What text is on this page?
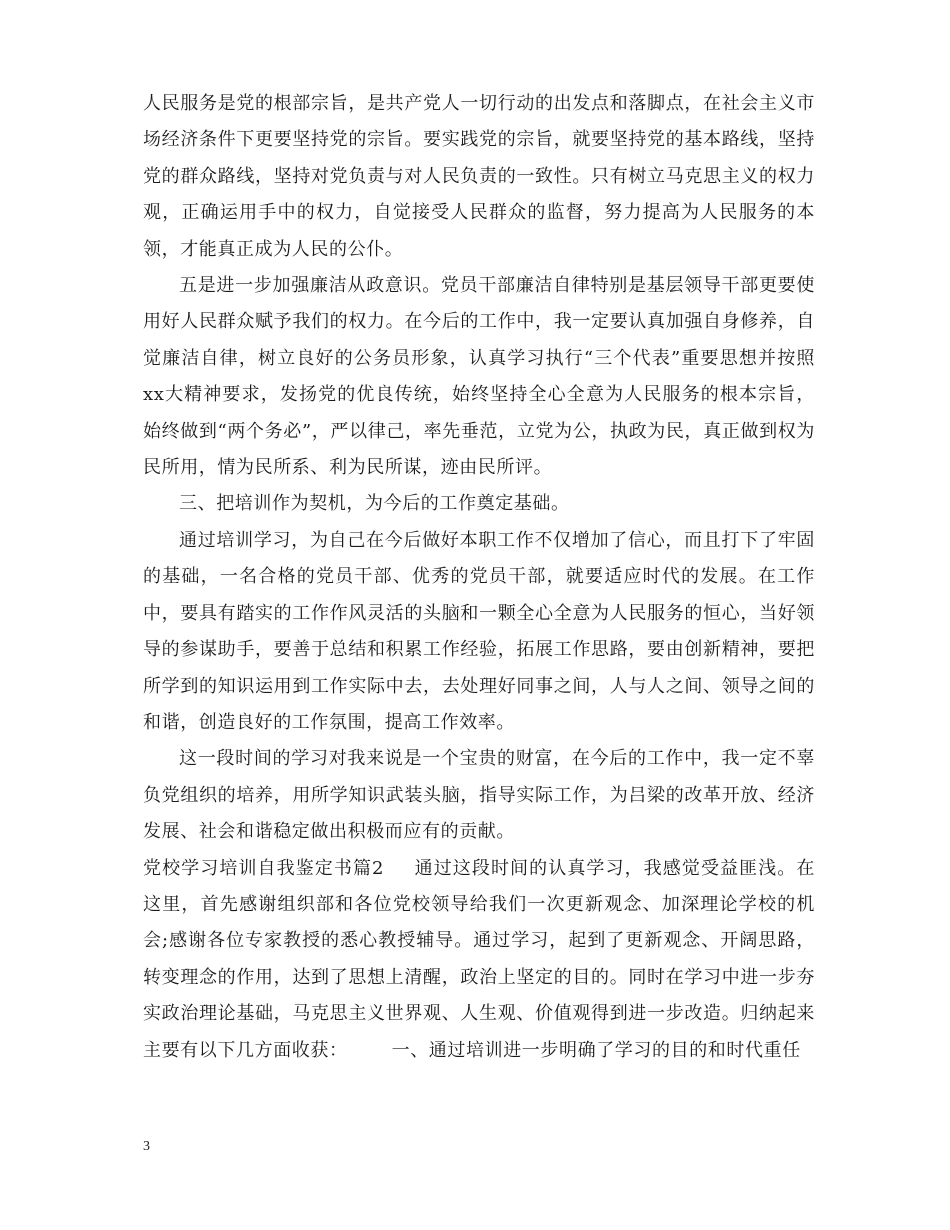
人民服务是党的根部宗旨，是共产党人一切行动的出发点和落脚点，在社会主义市场经济条件下更要坚持党的宗旨。要实践党的宗旨，就要坚持党的基本路线，坚持党的群众路线，坚持对党负责与对人民负责的一致性。只有树立马克思主义的权力观，正确运用手中的权力，自觉接受人民群众的监督，努力提高为人民服务的本领，才能真正成为人民的公仆。

五是进一步加强廉洁从政意识。党员干部廉洁自律特别是基层领导干部更要使用好人民群众赋予我们的权力。在今后的工作中，我一定要认真加强自身修养，自觉廉洁自律，树立良好的公务员形象，认真学习执行“三个代表”重要思想并按照xx大精神要求，发扬党的优良传统，始终坚持全心全意为人民服务的根本宗旨，始终做到“两个务必”，严以律己，率先垂范，立党为公，执政为民，真正做到权为民所用，情为民所系、利为民所谋，迹由民所评。

三、把培训作为契机，为今后的工作奠定基础。

通过培训学习，为自己在今后做好本职工作不仅增加了信心，而且打下了牢固的基础，一名合格的党员干部、优秀的党员干部，就要适应时代的发展。在工作中，要具有踏实的工作作风灵活的头脑和一颗全心全意为人民服务的恒心，当好领导的参谋助手，要善于总结和积累工作经验，拓展工作思路，要由创新精神，要把所学到的知识运用到工作实际中去，去处理好同事之间，人与人之间、领导之间的和谐，创造良好的工作氛围，提高工作效率。

这一段时间的学习对我来说是一个宝贵的财富，在今后的工作中，我一定不辜负党组织的培养，用所学知识武装头脑，指导实际工作，为吕梁的改革开放、经济发展、社会和谐稳定做出积极而应有的贡献。

党校学习培训自我鉴定书篇2 通过这段时间的认真学习，我感觉受益匪浅。在这里，首先感谢组织部和各位党校领导给我们一次更新观念、加深理论学校的机会;感谢各位专家教授的悉心教授辅导。通过学习，起到了更新观念、开阔思路，转变理念的作用，达到了思想上清醒，政治上坚定的目的。同时在学习中进一步夯实政治理论基础，马克思主义世界观、人生观、价值观得到进一步改造。归纳起来主要有以下几方面收获： 一、通过培训进一步明确了学习的目的和时代重任

3
